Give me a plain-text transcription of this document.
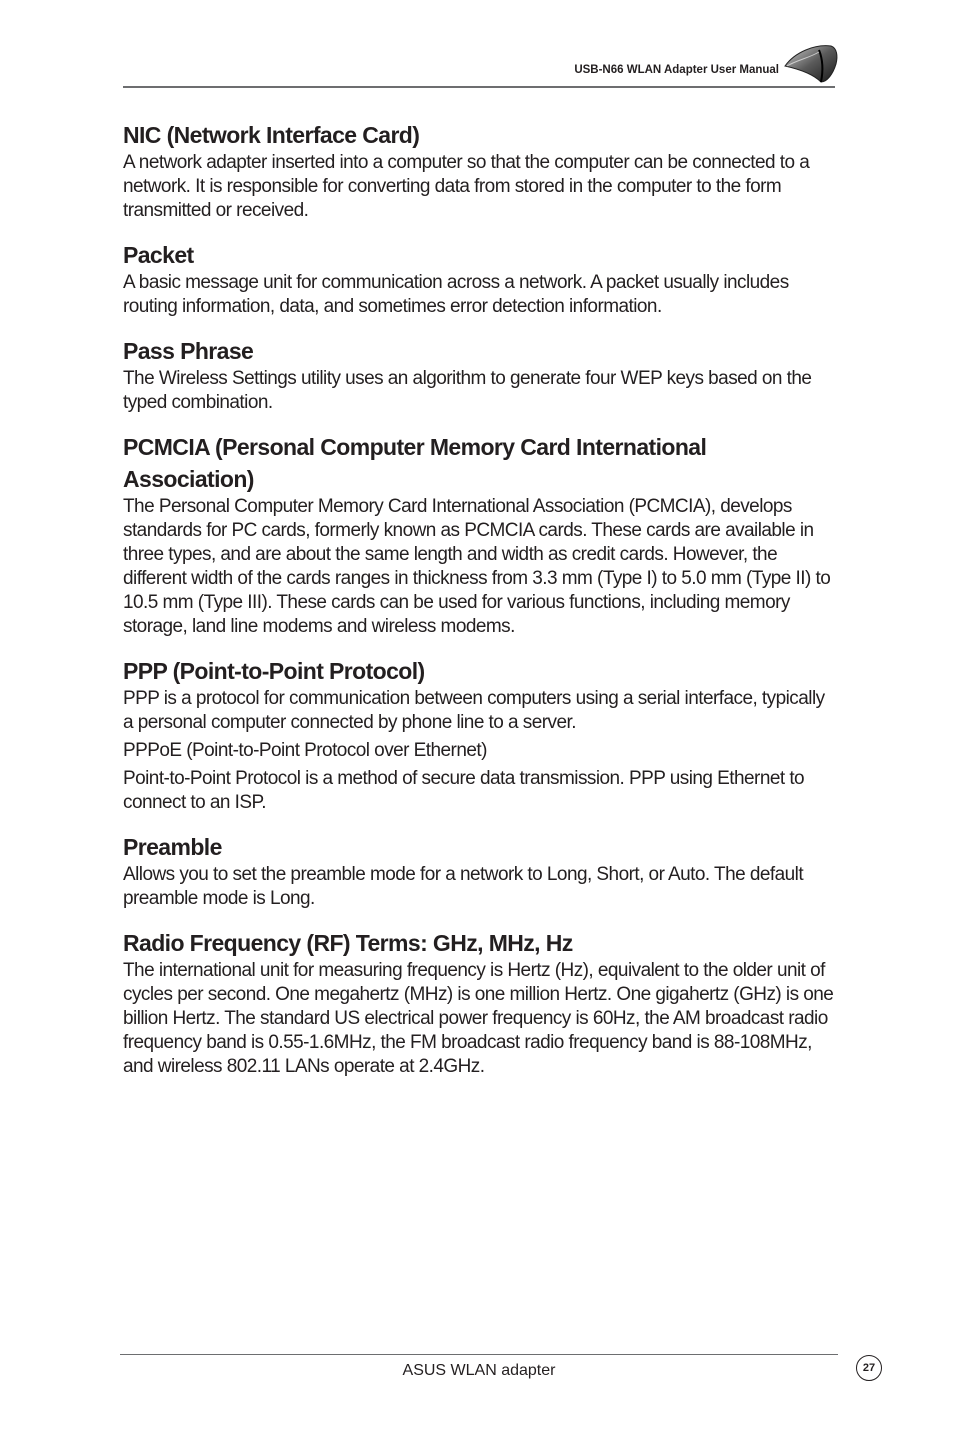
USB-N66 WLAN Adapter User Manual
NIC (Network Interface Card)

A network adapter inserted into a computer so that the computer can be connected to a network. It is responsible for converting data from stored in the computer to the form transmitted or received.

Packet

A basic message unit for communication across a network. A packet usually includes routing information, data, and sometimes error detection information.

Pass Phrase

The Wireless Settings utility uses an algorithm to generate four WEP keys based on the typed combination.

PCMCIA (Personal Computer Memory Card International Association)

The Personal Computer Memory Card International Association (PCMCIA), develops standards for PC cards, formerly known as PCMCIA cards. These cards are available in three types, and are about the same length and width as credit cards. However, the different width of the cards ranges in thickness from 3.3 mm (Type I) to 5.0 mm (Type II) to 10.5 mm (Type III). These cards can be used for various functions, including memory storage, land line modems and wireless modems.

PPP (Point-to-Point Protocol)

PPP is a protocol for communication between computers using a serial interface, typically a personal computer connected by phone line to a server.

PPPoE (Point-to-Point Protocol over Ethernet)

Point-to-Point Protocol is a method of secure data transmission. PPP using Ethernet to connect to an ISP.

Preamble

Allows you to set the preamble mode for a network to Long, Short, or Auto. The default preamble mode is Long.

Radio Frequency (RF) Terms: GHz, MHz, Hz

The international unit for measuring frequency is Hertz (Hz), equivalent to the older unit of cycles per second. One megahertz (MHz) is one million Hertz. One gigahertz (GHz) is one billion Hertz. The standard US electrical power frequency is 60Hz, the AM broadcast radio frequency band is 0.55-1.6MHz, the FM broadcast radio frequency band is 88-108MHz, and wireless 802.11 LANs operate at 2.4GHz.

ASUS WLAN adapter	27
